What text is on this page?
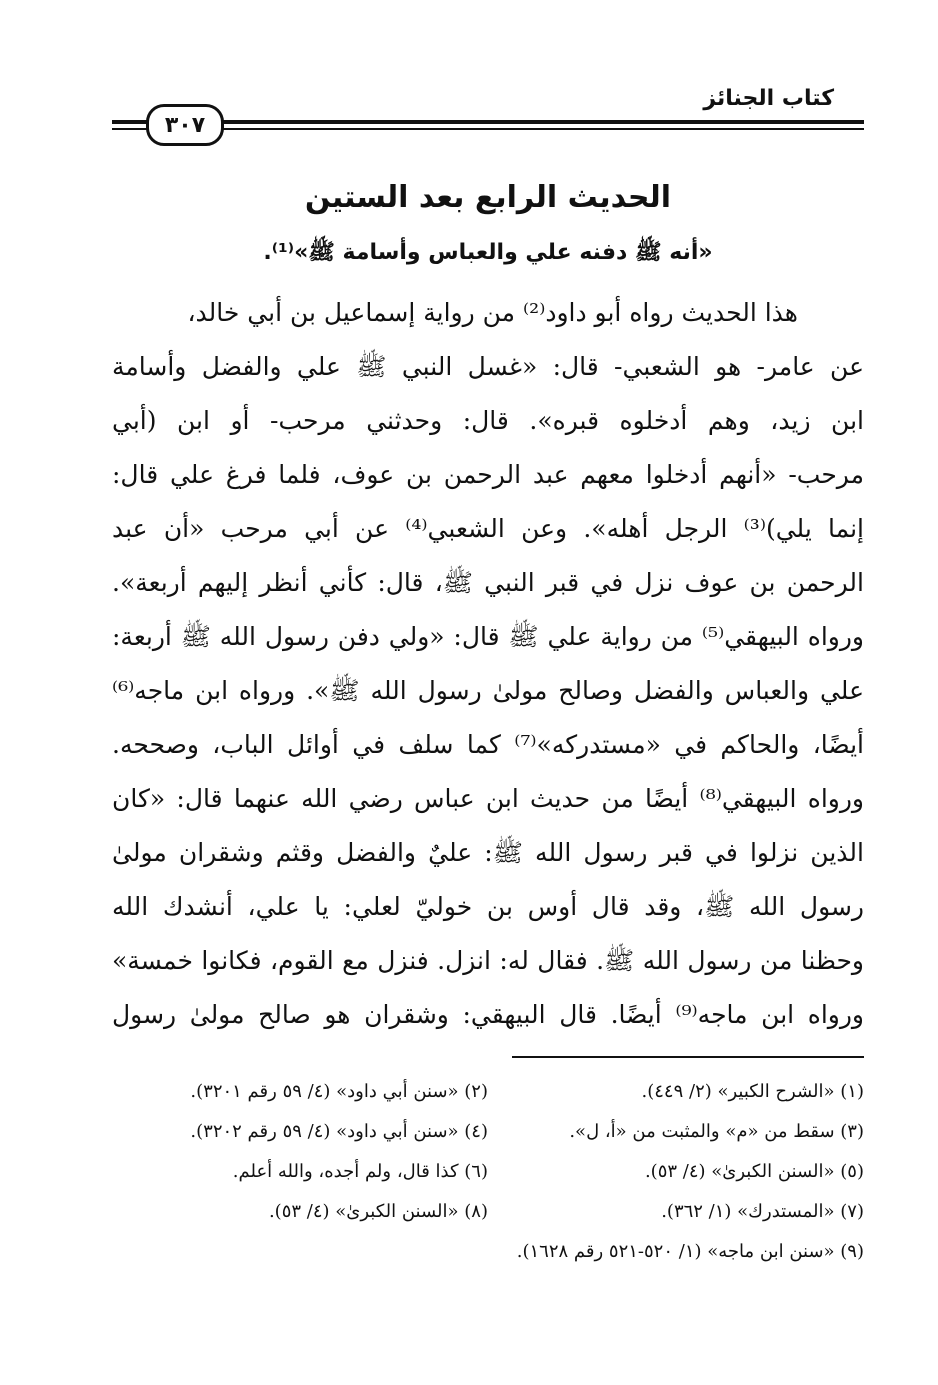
كتاب الجنائز
٣٠٧
الحديث الرابع بعد الستين

«أنه ﷺ دفنه علي والعباس وأسامة ﷺ»⁽¹⁾.

هذا الحديث رواه أبو داود⁽²⁾ من رواية إسماعيل بن أبي خالد،
عن عامر- هو الشعبي- قال: «غسل النبي ﷺ علي والفضل وأسامة
ابن زيد، وهم أدخلوه قبره». قال: وحدثني مرحب- أو ابن (أبي
مرحب- «أنهم أدخلوا معهم عبد الرحمن بن عوف، فلما فرغ علي قال:
إنما يلي)⁽³⁾ الرجل أهله». وعن الشعبي⁽⁴⁾ عن أبي مرحب «أن عبد
الرحمن بن عوف نزل في قبر النبي ﷺ، قال: كأني أنظر إليهم أربعة».
ورواه البيهقي⁽⁵⁾ من رواية علي ﷺ قال: «ولي دفن رسول الله ﷺ أربعة:
علي والعباس والفضل وصالح مولىٰ رسول الله ﷺ». ورواه ابن ماجه⁽⁶⁾
أيضًا، والحاكم في «مستدركه»⁽⁷⁾ كما سلف في أوائل الباب، وصححه.
ورواه البيهقي⁽⁸⁾ أيضًا من حديث ابن عباس رضي الله عنهما قال: «كان
الذين نزلوا في قبر رسول الله ﷺ: عليٌ والفضل وقثم وشقران مولىٰ
رسول الله ﷺ، وقد قال أوس بن خوليّ لعلي: يا علي، أنشدك الله
وحظنا من رسول الله ﷺ. فقال له: انزل. فنزل مع القوم، فكانوا خمسة»
ورواه ابن ماجه⁽⁹⁾ أيضًا. قال البيهقي: وشقران هو صالح مولىٰ رسول
(١) «الشرح الكبير» (٢/ ٤٤٩).
(٢) «سنن أبي داود» (٤/ ٥٩ رقم ٣٢٠١).
(٣) سقط من «م» والمثبت من «أ، ل».
(٤) «سنن أبي داود» (٤/ ٥٩ رقم ٣٢٠٢).
(٥) «السنن الكبرىٰ» (٤/ ٥٣).
(٦) كذا قال، ولم أجده، والله أعلم.
(٧) «المستدرك» (١/ ٣٦٢).
(٨) «السنن الكبرىٰ» (٤/ ٥٣).
(٩) «سنن ابن ماجه» (١/ ٥٢٠-٥٢١ رقم ١٦٢٨).
